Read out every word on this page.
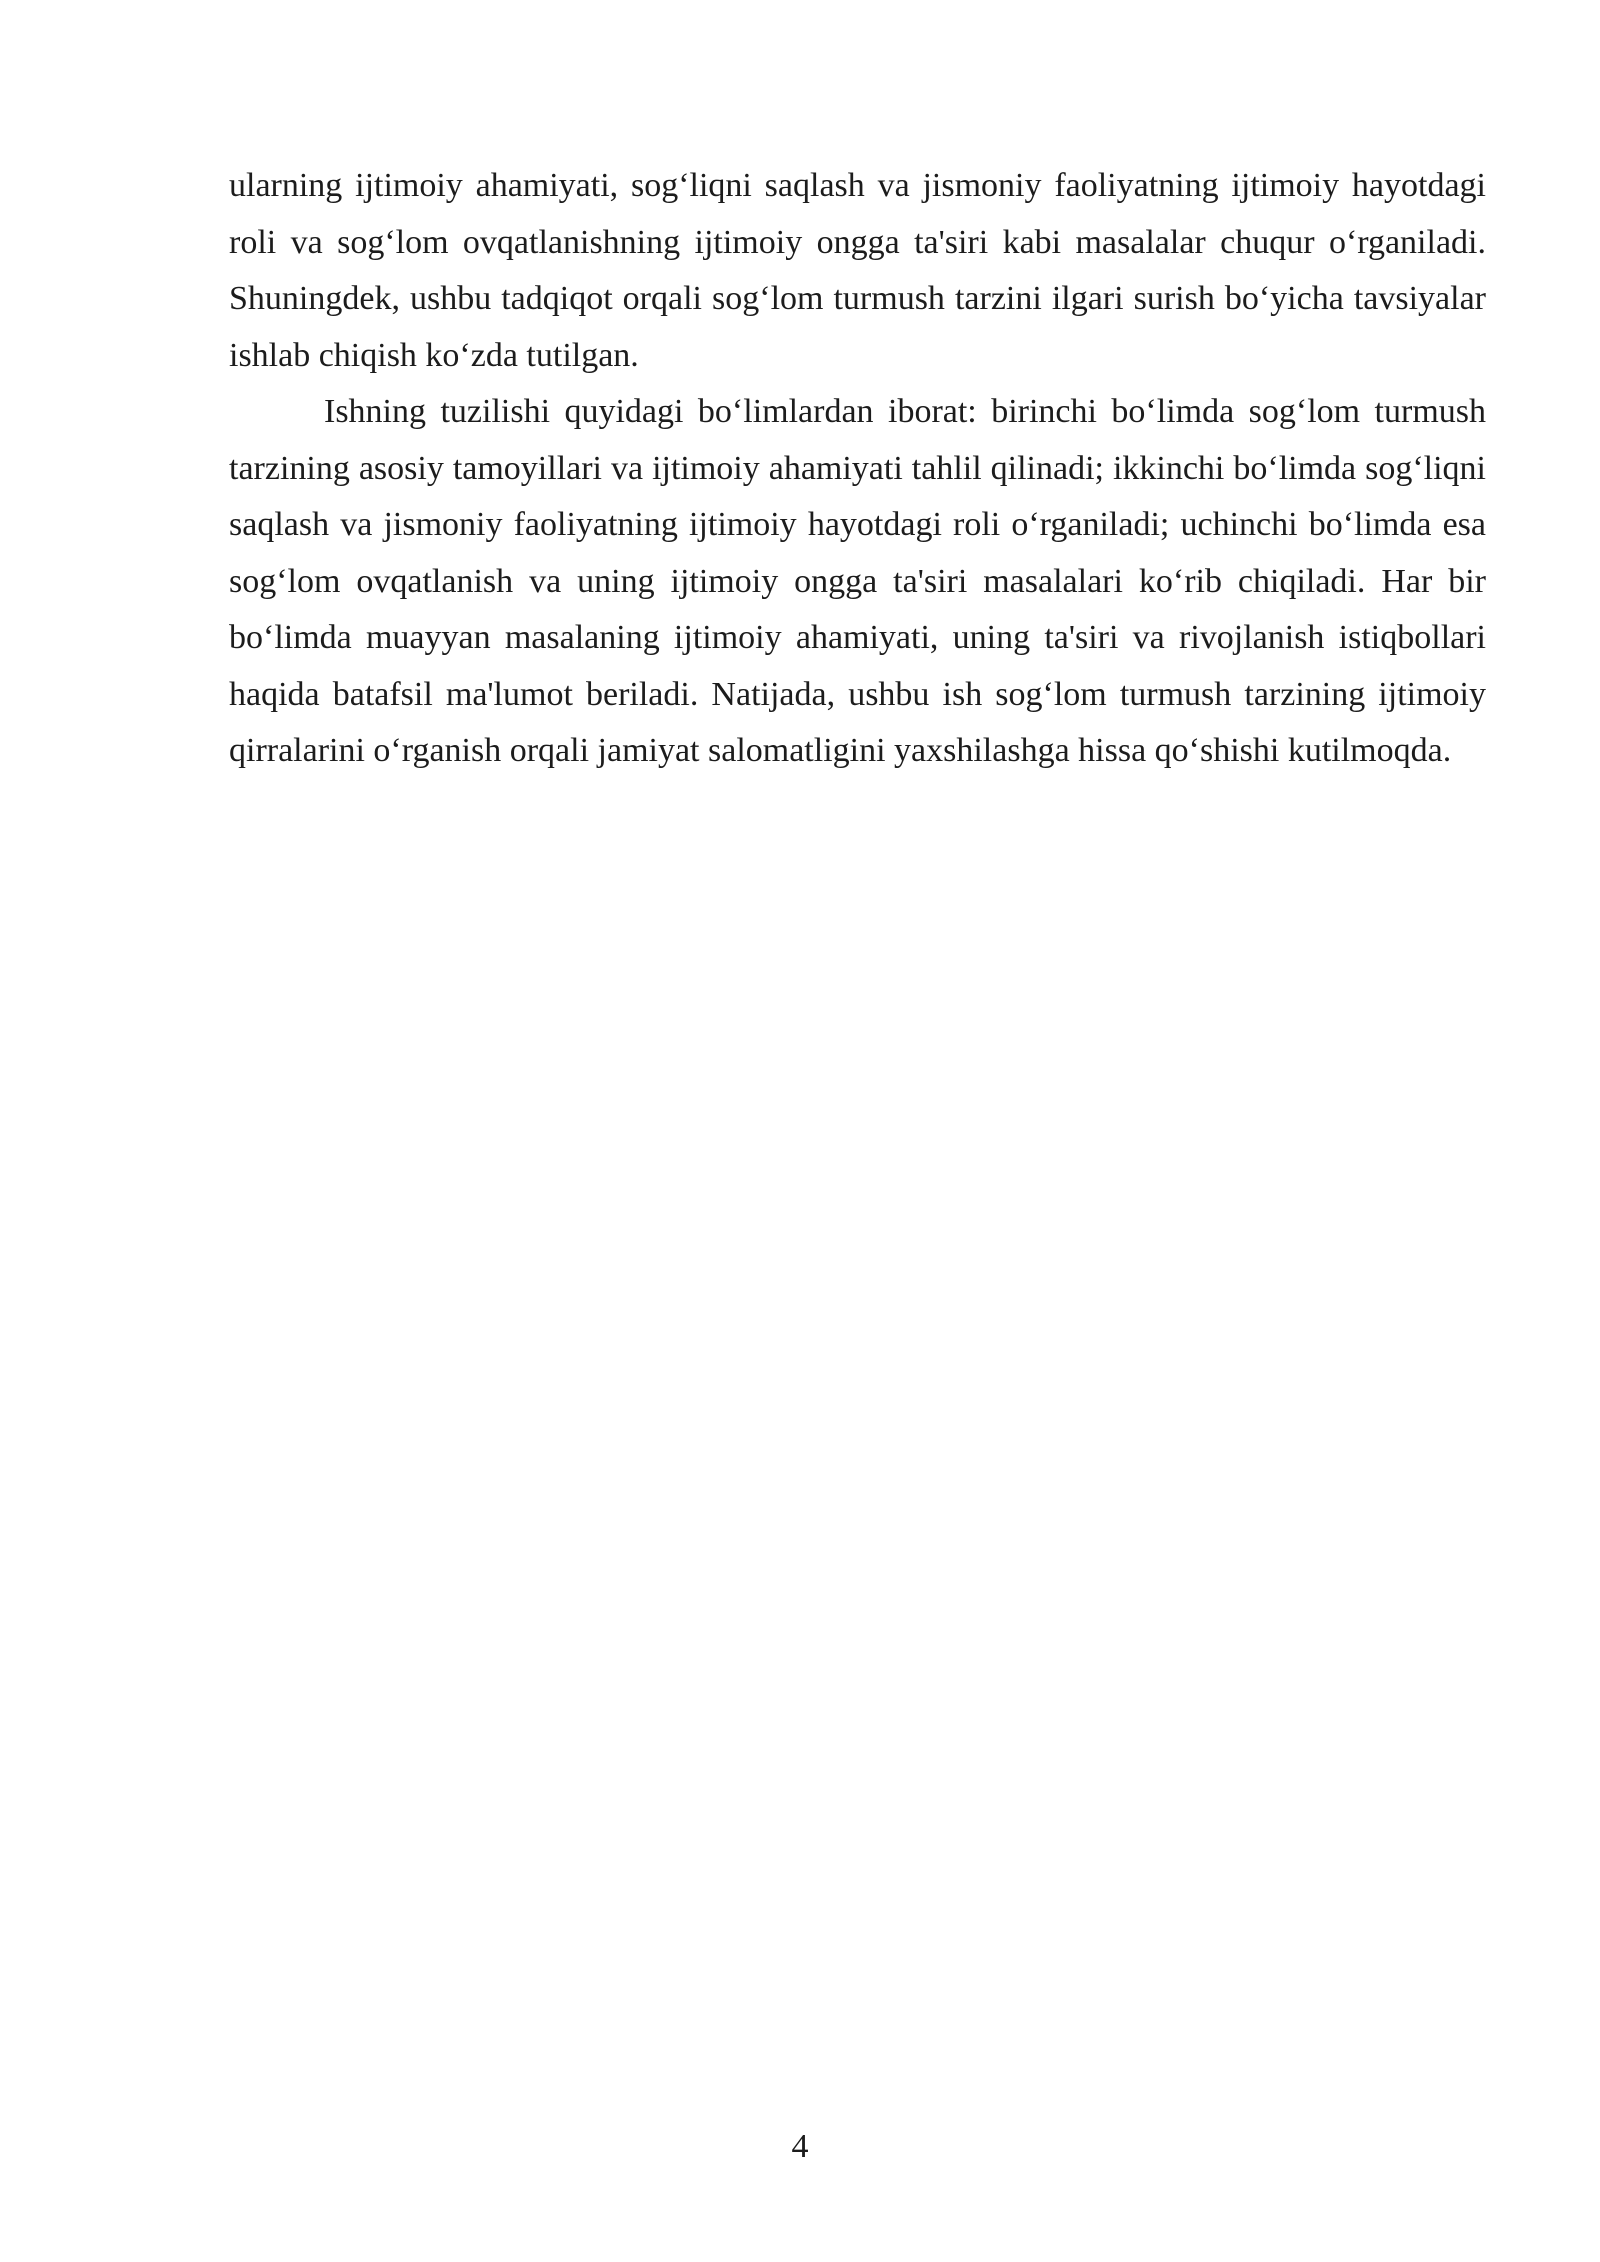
ularning ijtimoiy ahamiyati, sog‘liqni saqlash va jismoniy faoliyatning ijtimoiy hayotdagi roli va sog‘lom ovqatlanishning ijtimoiy ongga ta'siri kabi masalalar chuqur o‘rganiladi. Shuningdek, ushbu tadqiqot orqali sog‘lom turmush tarzini ilgari surish bo‘yicha tavsiyalar ishlab chiqish ko‘zda tutilgan.

Ishning tuzilishi quyidagi bo‘limlardan iborat: birinchi bo‘limda sog‘lom turmush tarzining asosiy tamoyillari va ijtimoiy ahamiyati tahlil qilinadi; ikkinchi bo‘limda sog‘liqni saqlash va jismoniy faoliyatning ijtimoiy hayotdagi roli o‘rganiladi; uchinchi bo‘limda esa sog‘lom ovqatlanish va uning ijtimoiy ongga ta'siri masalalari ko‘rib chiqiladi. Har bir bo‘limda muayyan masalaning ijtimoiy ahamiyati, uning ta'siri va rivojlanish istiqbollari haqida batafsil ma'lumot beriladi. Natijada, ushbu ish sog‘lom turmush tarzining ijtimoiy qirralarini o‘rganish orqali jamiyat salomatligini yaxshilashga hissa qo‘shishi kutilmoqda.

4
